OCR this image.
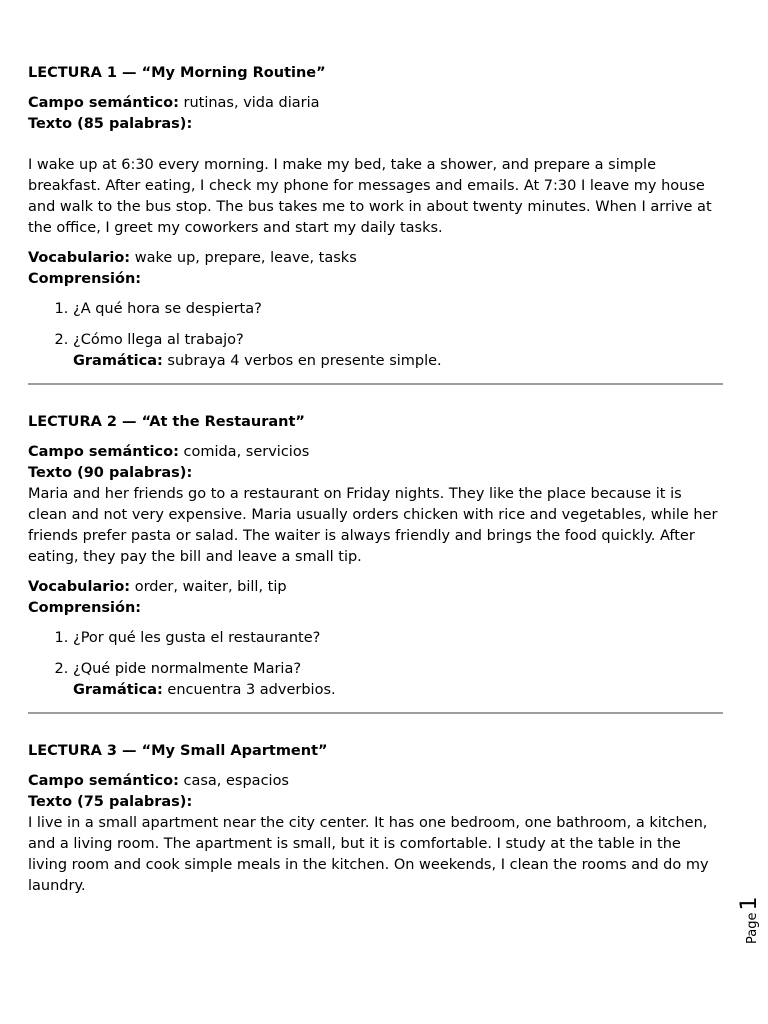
LECTURA 1 — “My Morning Routine”

Campo semántico: rutinas, vida diaria

Texto (85 palabras):

I wake up at 6:30 every morning. I make my bed, take a shower, and prepare a simple breakfast. After eating, I check my phone for messages and emails. At 7:30 I leave my house and walk to the bus stop. The bus takes me to work in about twenty minutes. When I arrive at the office, I greet my coworkers and start my daily tasks.

Vocabulario: wake up, prepare, leave, tasks

Comprensión:

1. ¿A qué hora se despierta?
2. ¿Cómo llega al trabajo?

Gramática: subraya 4 verbos en presente simple.

LECTURA 2 — “At the Restaurant”

Campo semántico: comida, servicios

Texto (90 palabras):

Maria and her friends go to a restaurant on Friday nights. They like the place because it is clean and not very expensive. Maria usually orders chicken with rice and vegetables, while her friends prefer pasta or salad. The waiter is always friendly and brings the food quickly. After eating, they pay the bill and leave a small tip.

Vocabulario: order, waiter, bill, tip

Comprensión:

1. ¿Por qué les gusta el restaurante?
2. ¿Qué pide normalmente Maria?

Gramática: encuentra 3 adverbios.

LECTURA 3 — “My Small Apartment”

Campo semántico: casa, espacios

Texto (75 palabras):

I live in a small apartment near the city center. It has one bedroom, one bathroom, a kitchen, and a living room. The apartment is small, but it is comfortable. I study at the table in the living room and cook simple meals in the kitchen. On weekends, I clean the rooms and do my laundry.

Page1
